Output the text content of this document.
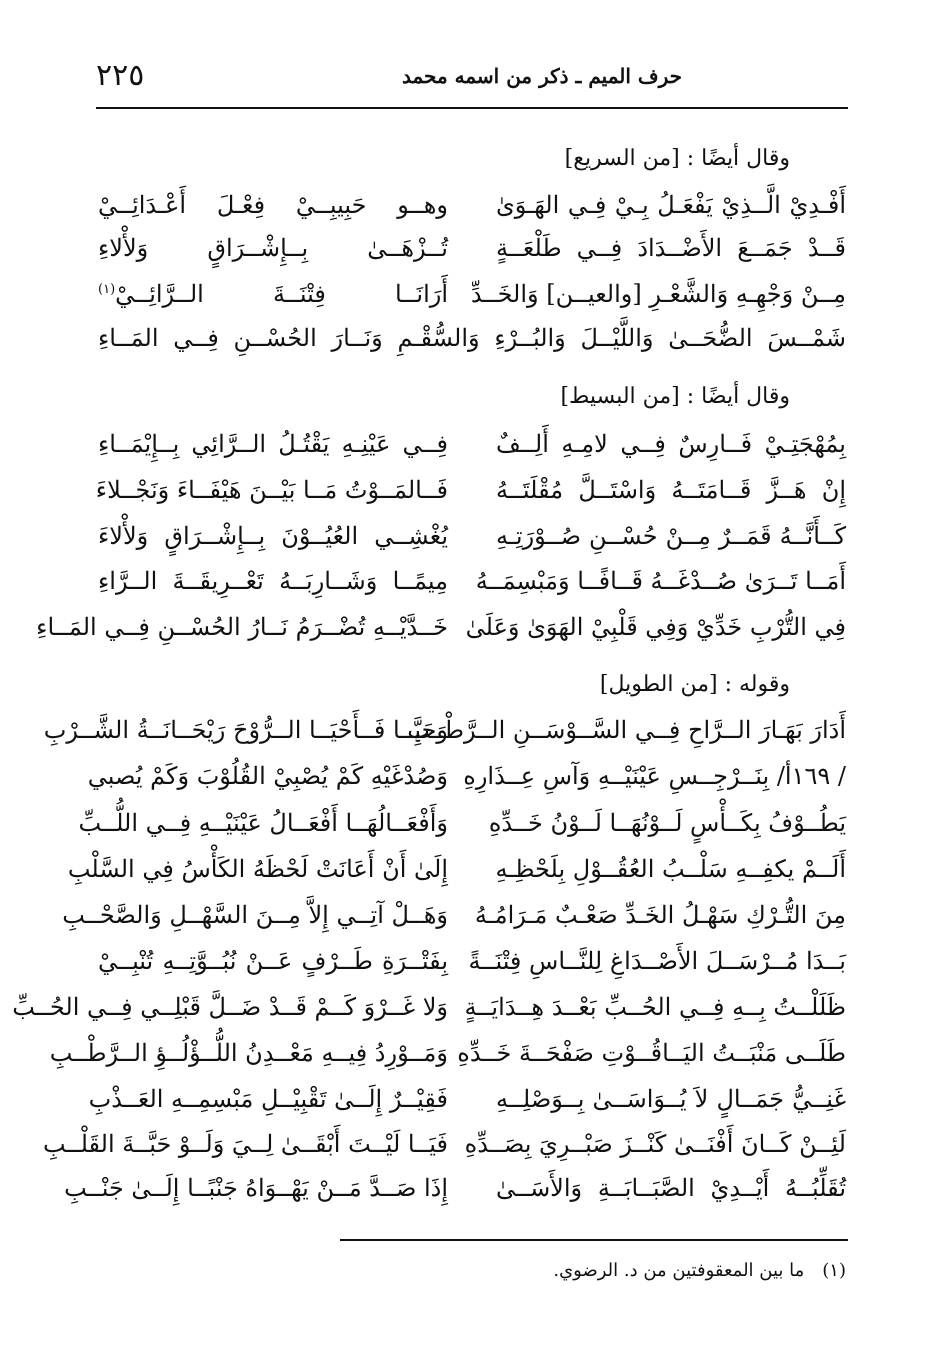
٢٢٥	حرف الميم ـ ذكر من اسمه محمد
وقال أيضًا : [من السريع]
أَفْـدِيْ الَّــذِيْ يَفْعَـلُ بِـيْ فِـي الهَـوَىٰ
وهــو حَبِيبِــيْ فِعْـلَ أَعْـدَائِــيْ
قَــدْ جَمَــعَ الأَضْــدَادَ فِــي طَلْعَــةٍ
تُــزْهَــىٰ بِــإِشْــرَاقٍ وَلأْلاءِ
مِــنْ وَجْهِـهِ وَالشَّعْـرِ [والعيــن] وَالخَــدِّ
أَرَانَــا فِتْنَــةَ الــرَّائِــيْ$^{(١)}$
شَمْــسَ الضُّحَــىٰ وَاللَّيْــلَ وَالبُــرْءِ وَالسُّقْـمِ وَنَــارَ الحُسْــنِ فِــي المَــاءِ
وقال أيضًا : [من البسيط]
بِمُهْجَتِـيْ فَــارِسٌ فِــي لامِـهِ أَلِــفٌ
فِــي عَيْنِـهِ يَقْتُـلُ الــرَّائِي بِــإِيْمَــاءِ
إِنْ هَــزَّ قَــامَتَــهُ وَاسْتَــلَّ مُقْلَتَــهُ
فَــالمَــوْتُ مَــا بَيْــنَ هَيْفَــاءَ وَنَجْــلاءَ
كَــأَنَّــهُ قَمَــرٌ مِــنْ حُسْــنِ صُــوْرَتِـهِ
يُغْشِــي العُيُــوْنَ بِــإِشْــرَاقٍ وَلأْلاءَ
أَمَــا تَــرَىٰ صُــدْغَــهُ قَــافًــا وَمَبْسِمَــهُ
مِيمًــا وَشَــارِبَــهُ تَعْــرِيقَــةَ الــرَّاءِ
فِي التُّرْبِ خَدِّيْ وَفِي قَلْبِيْ الهَوَىٰ وَعَلَىٰ
خَــدَّيْــهِ تُضْــرَمُ نَــارُ الحُسْــنِ فِــي المَــاءِ
وقوله : [من الطويل]
أَدَارَ بَهَـارَ الــرَّاحِ فِــي السَّــوْسَــنِ الــرَّطْــبِ
وَحَيَّــا فَــأَحْيَــا الــرُّوْحَ رَيْحَــانَــةُ الشَّــرْبِ
/ ١٦٩أ/ بِنَــرْجِــسِ عَيْنَيْــهِ وَآسِ عِــذَارِهِ
وَصُدْغَيْهِ كَمْ يُصْبِيْ القُلُوْبَ وَكَمْ يُصبي
يَطُــوْفُ بِكَــأْسٍ لَــوْنُهَــا لَــوْنُ خَــدِّهِ
وَأَفْعَــالُهَــا أَفْعَــالُ عَيْنَيْــهِ فِــي اللُّــبِّ
أَلَــمْ يكفِــهِ سَلْــبُ العُقُــوْلِ بِلَحْظِـهِ
إِلَىٰ أَنْ أَعَانَتْ لَحْظَهُ الكَأْسُ فِي السَّلْبِ
مِنَ التُّـرْكِ سَهْـلُ الخَـدِّ صَعْـبٌ مَـرَامُـهُ
وَهَــلْ آتِــي إِلاَّ مِــنَ السَّهْــلِ وَالصَّحْــبِ
بَــدَا مُــرْسَــلَ الأَصْــدَاغِ لِلنَّــاسِ فِتْنَــةً
بِفَتْــرَةِ طَــرْفٍ عَــنْ نُبُــوَّتِــهِ تُنْبِــيْ
ظَلَلْــتُ بِــهِ فِــي الحُــبِّ بَعْــدَ هِــدَايَــةٍ
وَلا غَــرْوَ كَــمْ قَــدْ ضَــلَّ قَبْلِــي فِــي الحُــبِّ
طَلَــى مَنْبَــتُ اليَــاقُــوْتِ صَفْحَــةَ خَــدِّهِ
وَمَــوْرِدُ فِيــهِ مَعْــدِنُ اللُّــؤْلُــؤِ الــرَّطْــبِ
غَنِــيُّ جَمَــالٍ لاَ يُــوَاسَــىٰ بِــوَصْلِــهِ
فَقِيْــرٌ إِلَــىٰ تَقْبِيْــلِ مَبْسِمِــهِ العَــذْبِ
لَئِــنْ كَــانَ أَفْنَــىٰ كَنْــزَ صَبْــرِيَ بِصَــدِّهِ
فَيَــا لَيْــتَ أَبْقَــىٰ لِــيَ وَلَــوْ حَبَّــةَ القَلْــبِ
تُقَلِّبُــهُ أَيْــدِيْ الصَّبَــابَــةِ وَالأَسَــىٰ
إِذَا صَــدَّ مَــنْ يَهْــوَاهُ جَنْبًــا إِلَــىٰ جَنْــبِ
(١)ما بين المعقوفتين من د. الرضوي.
